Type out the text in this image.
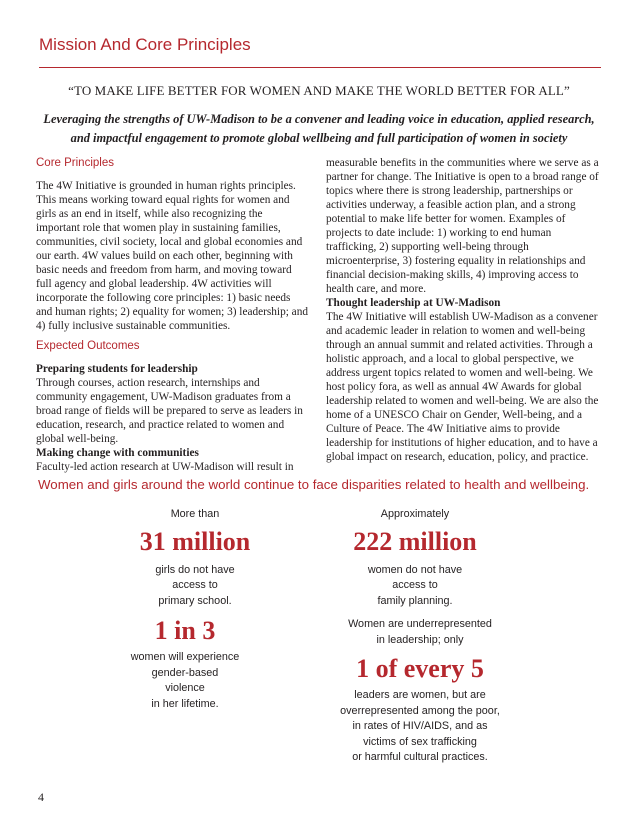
Mission And Core Principles
“TO MAKE LIFE BETTER FOR WOMEN AND MAKE THE WORLD BETTER FOR ALL”
Leveraging the strengths of UW-Madison to be a convener and leading voice in education, applied research, and impactful engagement to promote global wellbeing and full participation of women in society
Core Principles

The 4W Initiative is grounded in human rights principles. This means working toward equal rights for women and girls as an end in itself, while also recognizing the important role that women play in sustaining families, communities, civil society, local and global economies and our earth. 4W values build on each other, beginning with basic needs and freedom from harm, and moving toward full agency and global leadership. 4W activities will incorporate the following core principles: 1) basic needs and human rights; 2) equality for women; 3) leadership; and 4) fully inclusive sustainable communities.

Expected Outcomes

Preparing students for leadership

Through courses, action research, internships and community engagement, UW-Madison graduates from a broad range of fields will be prepared to serve as leaders in education, research, and practice related to women and global well-being.

Making change with communities

Faculty-led action research at UW-Madison will result in

measurable benefits in the communities where we serve as a partner for change. The Initiative is open to a broad range of topics where there is strong leadership, partnerships or activities underway, a feasible action plan, and a strong potential to make life better for women. Examples of projects to date include: 1) working to end human trafficking, 2) supporting well-being through microenterprise, 3) fostering equality in relationships and financial decision-making skills, 4) improving access to health care, and more.

Thought leadership at UW-Madison

The 4W Initiative will establish UW-Madison as a convener and academic leader in relation to women and well-being through an annual summit and related activities. Through a holistic approach, and a local to global perspective, we address urgent topics related to women and well-being. We host policy fora, as well as annual 4W Awards for global leadership related to women and well-being. We are also the home of a UNESCO Chair on Gender, Well-being, and a Culture of Peace. The 4W Initiative aims to provide leadership for institutions of higher education, and to have a global impact on research, education, policy, and practice.

Women and girls around the world continue to face disparities related to health and wellbeing.
More than
31 million
girls do not have
access to
primary school.
Approximately
222 million
women do not have
access to
family planning.
1 in 3
women will experience
gender-based
violence
in her lifetime.
Women are underrepresented
in leadership; only
1 of every 5
leaders are women, but are
overrepresented among the poor,
in rates of HIV/AIDS, and as
victims of sex trafficking
or harmful cultural practices.
4
